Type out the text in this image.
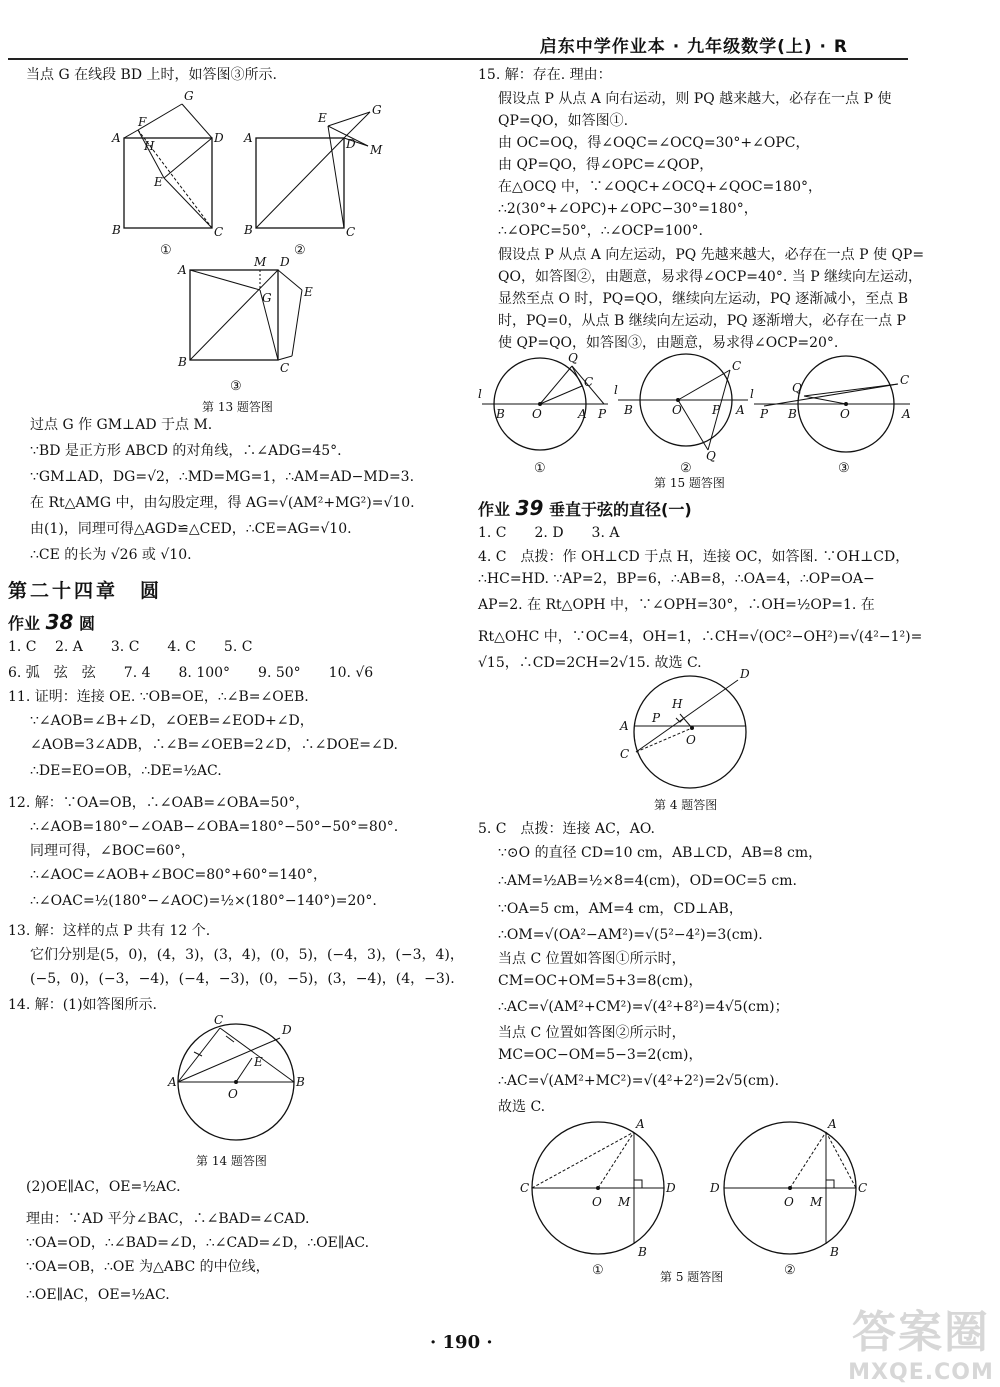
启东中学作业本 · 九年级数学(上) · R
当点 G 在线段 BD 上时，如答图③所示.
A
F
G
D
H
E
B	C
①
A
E
G
D M
B	C
②
A
M D
G	E
B	C
③
第 13 题答图
过点 G 作 GM⊥AD 于点 M.
∵BD 是正方形 ABCD 的对角线，∴∠ADG=45°.
∵GM⊥AD，DG=√2，∴MD=MG=1，∴AM=AD−MD=3.
在 Rt△AMG 中，由勾股定理，得 AG=√(AM²+MG²)=√10.
由(1)，同理可得△AGD≌△CED，∴CE=AG=√10.
∴CE 的长为 √26 或 √10.
第二十四章　圆
作业 38 圆
1. C　 2. A　　3. C　　4. C　　5. C
6. 弧　弦　弦　　7. 4　　8. 100°　　9. 50°　　10. √6
11. 证明：连接 OE. ∵OB=OE，∴∠B=∠OEB.
∵∠AOB=∠B+∠D，∠OEB=∠EOD+∠D，
∠AOB=3∠ADB，∴∠B=∠OEB=2∠D，∴∠DOE=∠D.
∴DE=EO=OB，∴DE=½AC.
12. 解：∵OA=OB，∴∠OAB=∠OBA=50°，
∴∠AOB=180°−∠OAB−∠OBA=180°−50°−50°=80°.
同理可得，∠BOC=60°，
∴∠AOC=∠AOB+∠BOC=80°+60°=140°，
∴∠OAC=½(180°−∠AOC)=½×(180°−140°)=20°.
13. 解：这样的点 P 共有 12 个.
它们分别是(5，0)，(4，3)，(3，4)，(0，5)，(−4，3)，(−3，4)，
(−5，0)，(−3，−4)，(−4，−3)，(0，−5)，(3，−4)，(4，−3).
14. 解：(1)如答图所示.
A
C
D
E
B
O
第 14 题答图
(2)OE∥AC，OE=½AC.
理由：∵AD 平分∠BAC，∴∠BAD=∠CAD.
∵OA=OD，∴∠BAD=∠D，∴∠CAD=∠D，∴OE∥AC.
∵OA=OB，∴OE 为△ABC 的中位线，
∴OE∥AC，OE=½AC.
15. 解：存在. 理由：
假设点 P 从点 A 向右运动，则 PQ 越来越大，必存在一点 P 使
QP=QO，如答图①.
由 OC=OQ，得∠OQC=∠OCQ=30°+∠OPC，
由 QP=QO，得∠OPC=∠QOP，
在△OCQ 中，∵∠OQC+∠OCQ+∠QOC=180°，
∴2(30°+∠OPC)+∠OPC−30°=180°，
∴∠OPC=50°，∴∠OCP=100°.
假设点 P 从点 A 向左运动，PQ 先越来越大，必存在一点 P 使 QP=
QO，如答图②，由题意，易求得∠OCP=40°. 当 P 继续向左运动，
显然至点 O 时，PQ=QO，继续向左运动，PQ 逐渐减小，至点 B
时，PQ=0，从点 B 继续向左运动，PQ 逐渐增大，必存在一点 P
使 QP=QO，如答图③，由题意，易求得∠OCP=20°.
l
B O	A P
Q
C
①
l
B	O	P A
C
Q
②
l
P B	O	A
Q
C
③
第 15 题答图
作业 39 垂直于弦的直径(一)
1. C　　2. D　　3. A
4. C　点拨：作 OH⊥CD 于点 H，连接 OC，如答图. ∵OH⊥CD，
∴HC=HD. ∵AP=2，BP=6，∴AB=8，∴OA=4，∴OP=OA−
AP=2. 在 Rt△OPH 中，∵∠OPH=30°，∴OH=½OP=1. 在
Rt△OHC 中，∵OC=4，OH=1，∴CH=√(OC²−OH²)=√(4²−1²)=
√15，∴CD=2CH=2√15. 故选 C.
A
P
H
D
O
C
第 4 题答图
5. C　点拨：连接 AC，AO.
∵⊙O 的直径 CD=10 cm，AB⊥CD，AB=8 cm，
∴AM=½AB=½×8=4(cm)，OD=OC=5 cm.
∵OA=5 cm，AM=4 cm，CD⊥AB，
∴OM=√(OA²−AM²)=√(5²−4²)=3(cm).
当点 C 位置如答图①所示时，
CM=OC+OM=5+3=8(cm)，
∴AC=√(AM²+CM²)=√(4²+8²)=4√5(cm)；
当点 C 位置如答图②所示时，
MC=OC−OM=5−3=2(cm)，
∴AC=√(AM²+MC²)=√(4²+2²)=2√5(cm).
故选 C.
C
O M
D
A
B
①
D
O M
C
A
B
②
第 5 题答图
· 190 ·	答案圈
MXQE.COM
